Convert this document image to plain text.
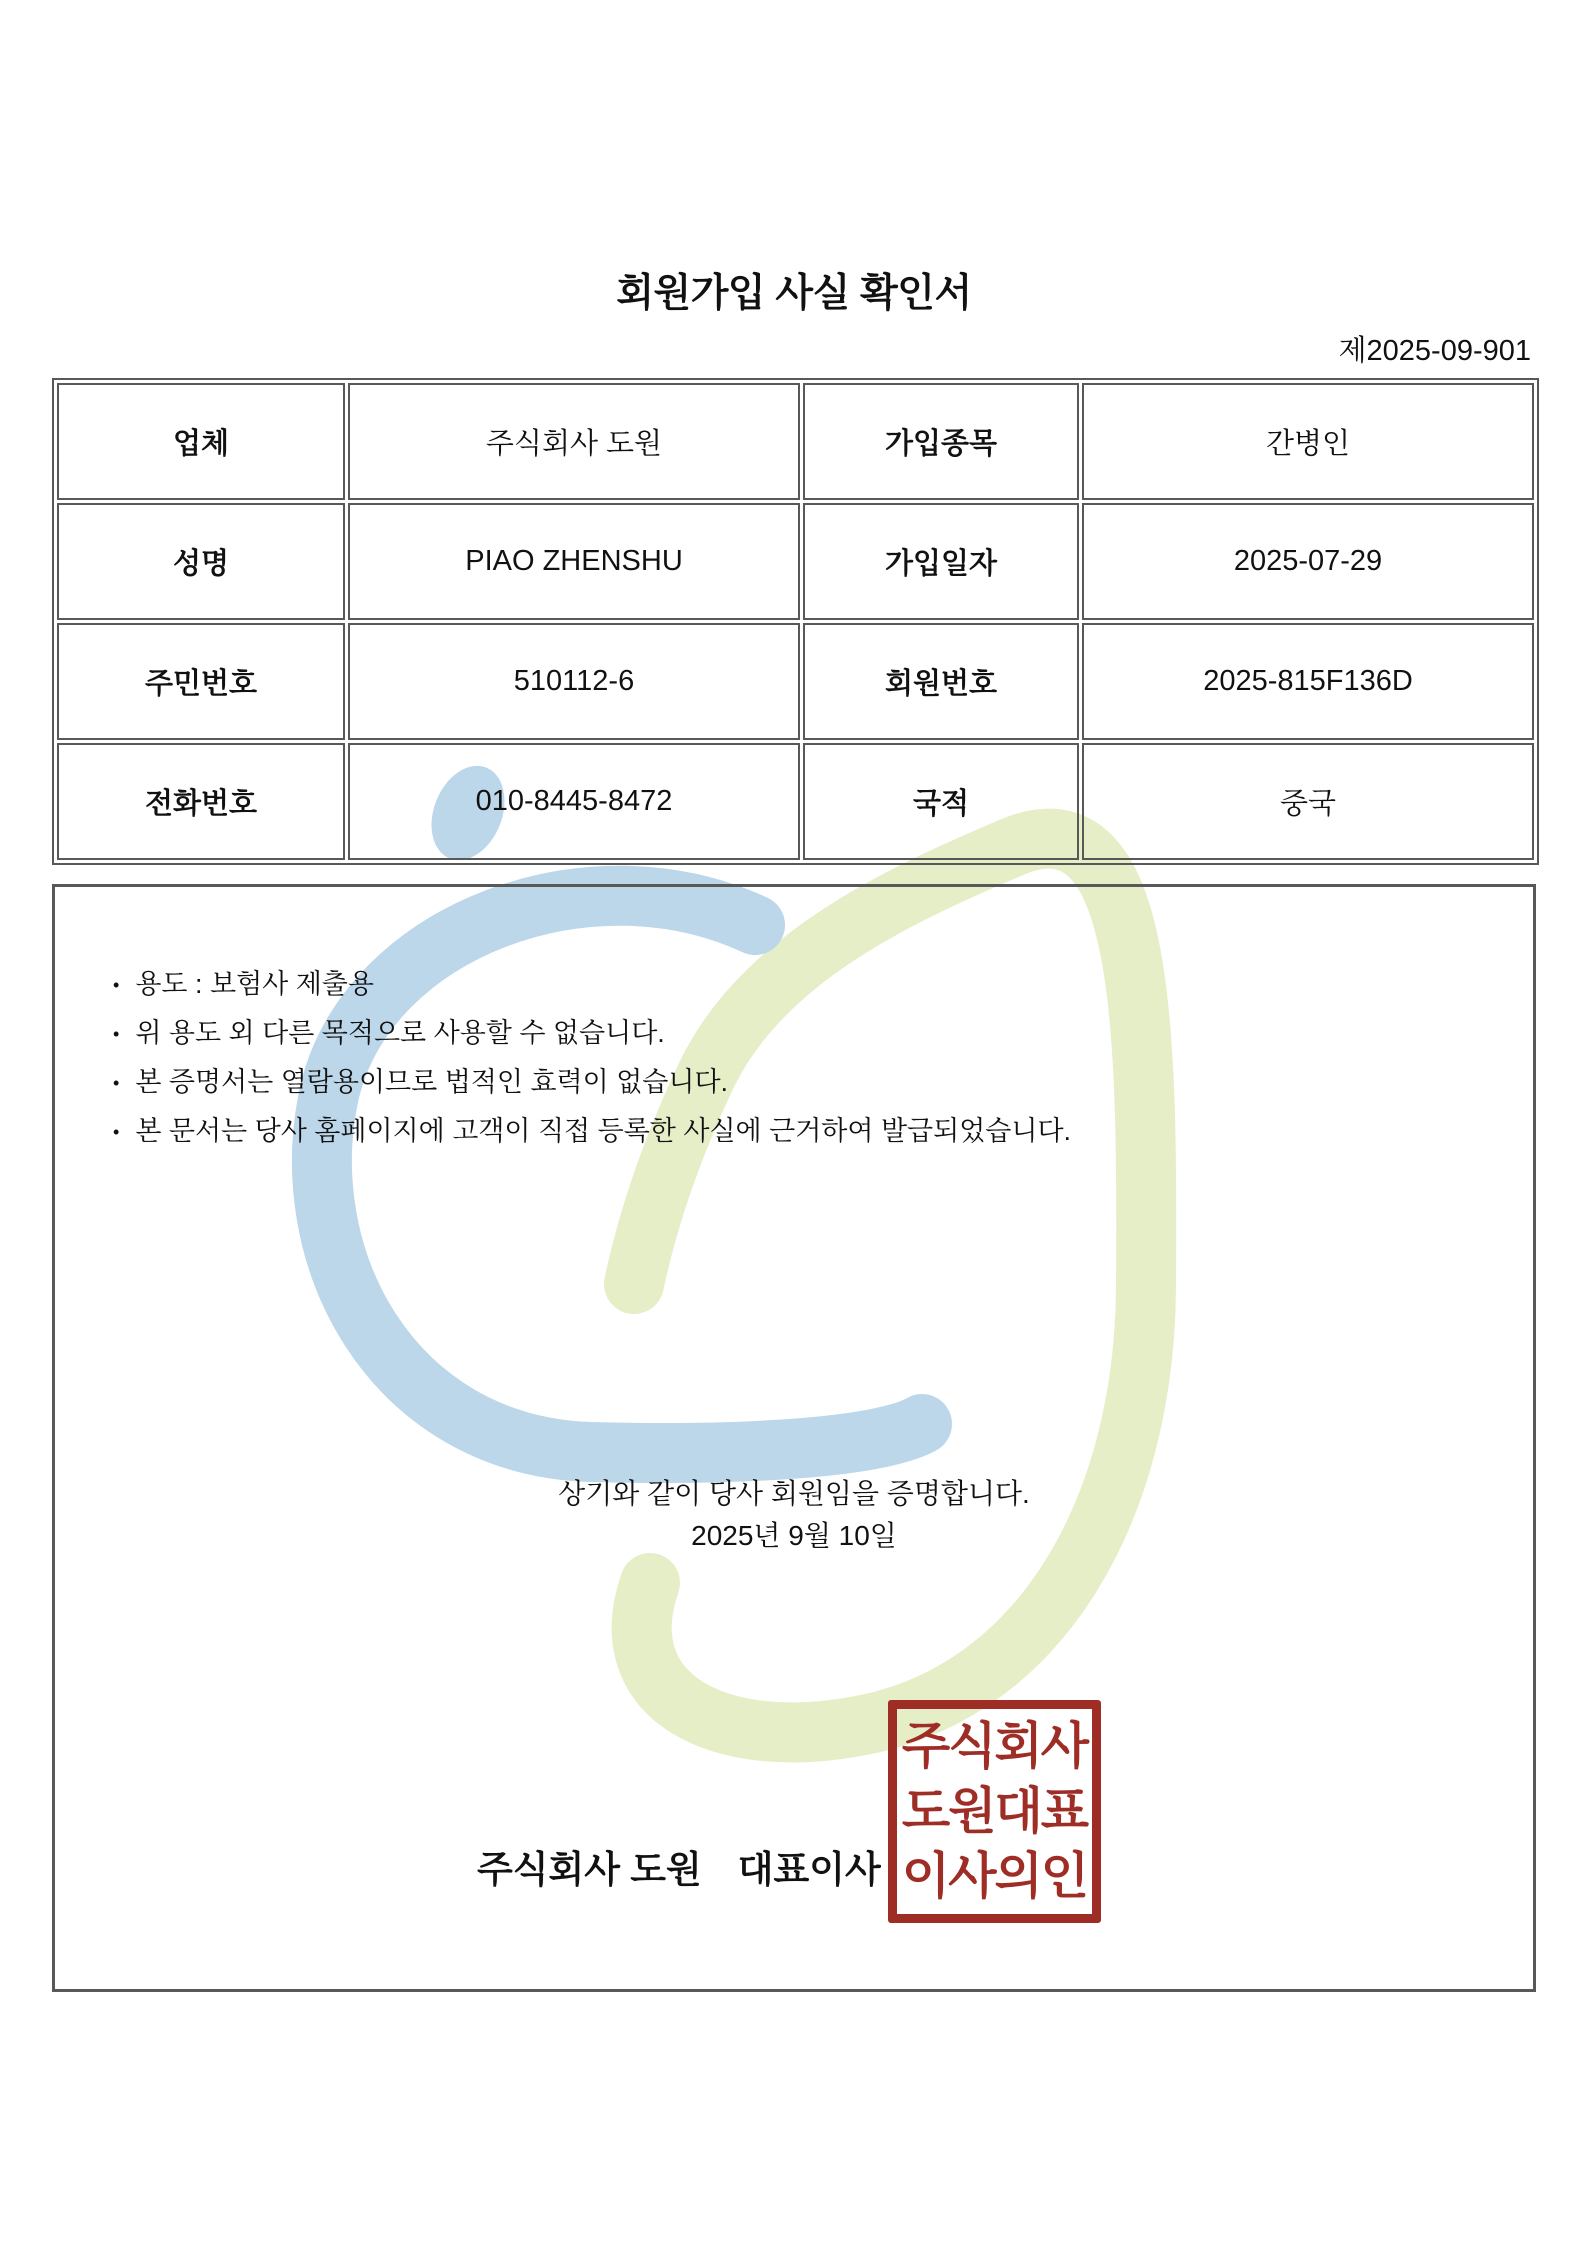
회원가입 사실 확인서
제2025-09-901
업체	주식회사 도원	가입종목	간병인
성명	PIAO ZHENSHU	가입일자	2025-07-29
주민번호	510112-6	회원번호	2025-815F136D
전화번호	010-8445-8472	국적	중국
• 용도 : 보험사 제출용
• 위 용도 외 다른 목적으로 사용할 수 없습니다.
• 본 증명서는 열람용이므로 법적인 효력이 없습니다.
• 본 문서는 당사 홈페이지에 고객이 직접 등록한 사실에 근거하여 발급되었습니다.
상기와 같이 당사 회원임을 증명합니다.
2025년 9월 10일
주식회사 도원 대표이사
주식회사
도원대표
이사의인
